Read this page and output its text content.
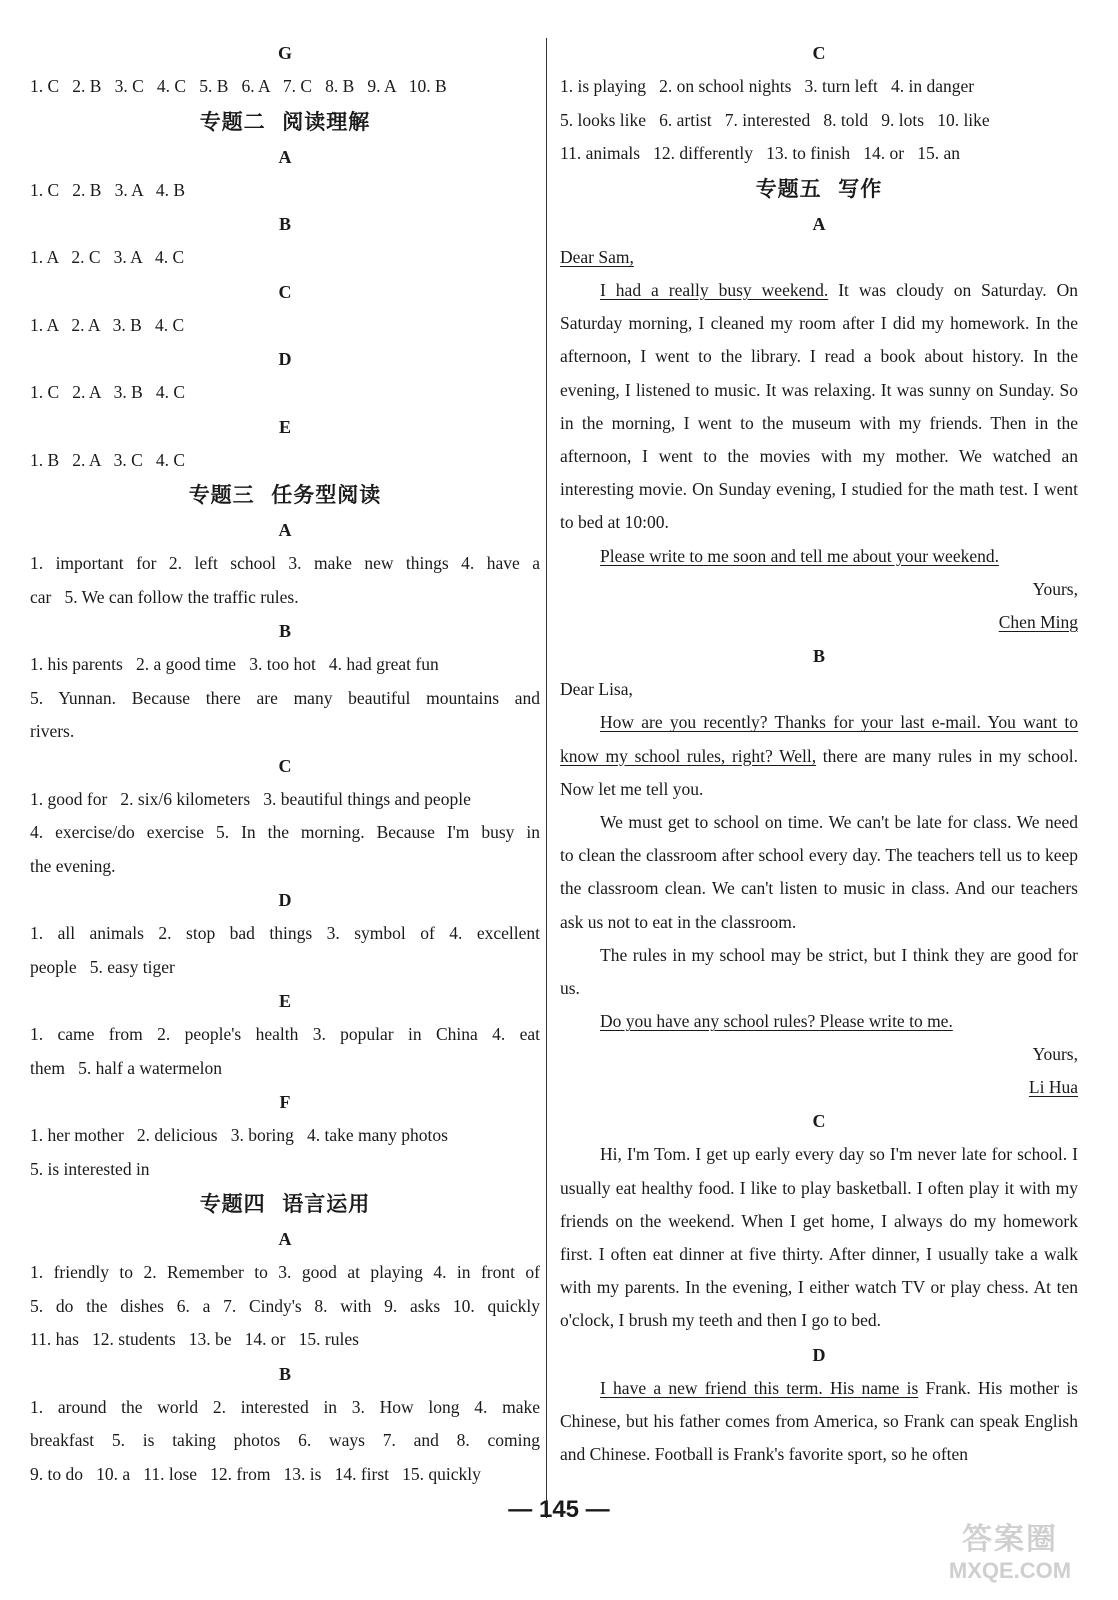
G
1. C   2. B   3. C   4. C   5. B   6. A   7. C   8. B   9. A   10. B
专题二  阅读理解
A
1. C   2. B   3. A   4. B
B
1. A   2. C   3. A   4. C
C
1. A   2. A   3. B   4. C
D
1. C   2. A   3. B   4. C
E
1. B   2. A   3. C   4. C
专题三  任务型阅读
A
1. important for 2. left school 3. make new things 4. have a
car   5. We can follow the traffic rules.
B
1. his parents   2. a good time   3. too hot   4. had great fun
5. Yunnan. Because there are many beautiful mountains and
rivers.
C
1. good for   2. six/6 kilometers   3. beautiful things and people
4. exercise/do exercise 5. In the morning. Because I'm busy in
the evening.
D
1. all animals 2. stop bad things 3. symbol of 4. excellent
people   5. easy tiger
E
1. came from 2. people's health 3. popular in China 4. eat
them   5. half a watermelon
F
1. her mother   2. delicious   3. boring   4. take many photos
5. is interested in
专题四  语言运用
A
1. friendly to 2. Remember to 3. good at playing 4. in front of
5. do the dishes 6. a 7. Cindy's 8. with 9. asks 10. quickly
11. has   12. students   13. be   14. or   15. rules
B
1. around the world 2. interested in 3. How long 4. make
breakfast 5. is taking photos 6. ways 7. and 8. coming
9. to do   10. a   11. lose   12. from   13. is   14. first   15. quickly
C
1. is playing   2. on school nights   3. turn left   4. in danger
5. looks like   6. artist   7. interested   8. told   9. lots   10. like
11. animals   12. differently   13. to finish   14. or   15. an
专题五  写作
A
Dear Sam,
I had a really busy weekend. It was cloudy on Saturday. On Saturday morning, I cleaned my room after I did my homework. In the afternoon, I went to the library. I read a book about history. In the evening, I listened to music. It was relaxing. It was sunny on Sunday. So in the morning, I went to the museum with my friends. Then in the afternoon, I went to the movies with my mother. We watched an interesting movie. On Sunday evening, I studied for the math test. I went to bed at 10:00.
Please write to me soon and tell me about your weekend.
Yours,
Chen Ming
B
Dear Lisa,
How are you recently? Thanks for your last e-mail. You want to know my school rules, right? Well, there are many rules in my school. Now let me tell you.
We must get to school on time. We can't be late for class. We need to clean the classroom after school every day. The teachers tell us to keep the classroom clean. We can't listen to music in class. And our teachers ask us not to eat in the classroom.
The rules in my school may be strict, but I think they are good for us.
Do you have any school rules? Please write to me.
Yours,
Li Hua
C
Hi, I'm Tom. I get up early every day so I'm never late for school. I usually eat healthy food. I like to play basketball. I often play it with my friends on the weekend. When I get home, I always do my homework first. I often eat dinner at five thirty. After dinner, I usually take a walk with my parents. In the evening, I either watch TV or play chess. At ten o'clock, I brush my teeth and then I go to bed.
D
I have a new friend this term. His name is Frank. His mother is Chinese, but his father comes from America, so Frank can speak English and Chinese. Football is Frank's favorite sport, so he often
— 145 —
答案圈
MXQE.COM
